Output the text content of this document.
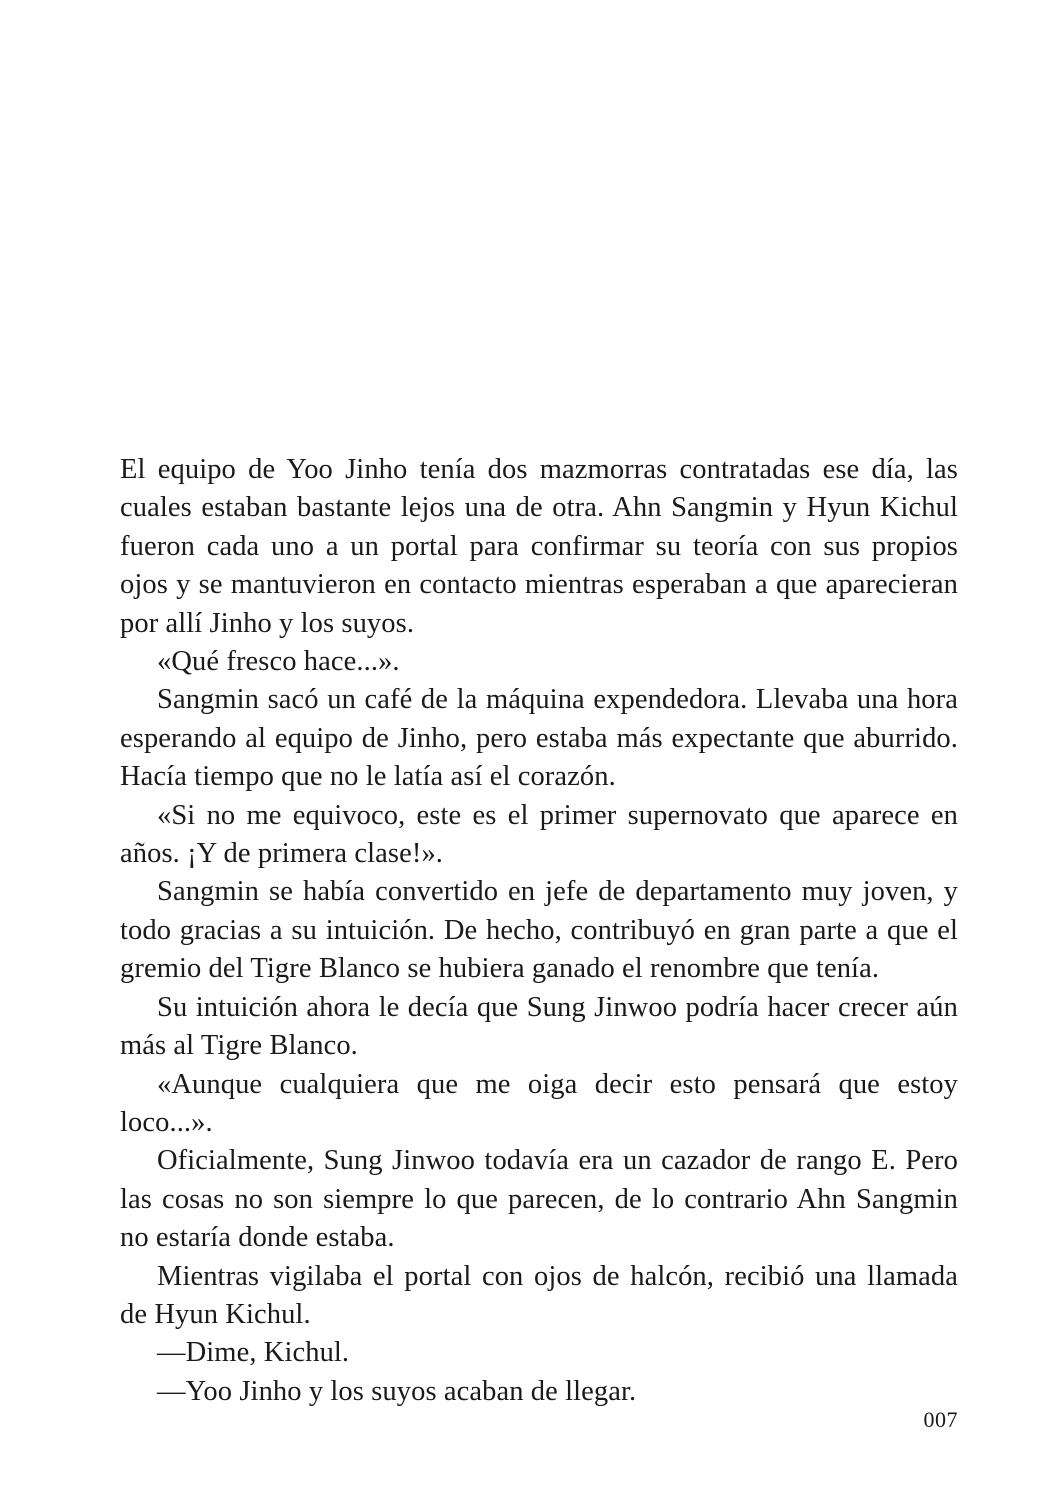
El equipo de Yoo Jinho tenía dos mazmorras contratadas ese día, las cuales estaban bastante lejos una de otra. Ahn Sangmin y Hyun Kichul fueron cada uno a un portal para confirmar su teoría con sus propios ojos y se mantuvieron en contacto mientras esperaban a que aparecieran por allí Jinho y los suyos.

«Qué fresco hace...».

Sangmin sacó un café de la máquina expendedora. Llevaba una hora esperando al equipo de Jinho, pero estaba más expectante que aburrido. Hacía tiempo que no le latía así el corazón.

«Si no me equivoco, este es el primer supernovato que aparece en años. ¡Y de primera clase!».

Sangmin se había convertido en jefe de departamento muy joven, y todo gracias a su intuición. De hecho, contribuyó en gran parte a que el gremio del Tigre Blanco se hubiera ganado el renombre que tenía.

Su intuición ahora le decía que Sung Jinwoo podría hacer crecer aún más al Tigre Blanco.

«Aunque cualquiera que me oiga decir esto pensará que estoy loco...».

Oficialmente, Sung Jinwoo todavía era un cazador de rango E. Pero las cosas no son siempre lo que parecen, de lo contrario Ahn Sangmin no estaría donde estaba.

Mientras vigilaba el portal con ojos de halcón, recibió una llamada de Hyun Kichul.

—Dime, Kichul.

—Yoo Jinho y los suyos acaban de llegar.

007
